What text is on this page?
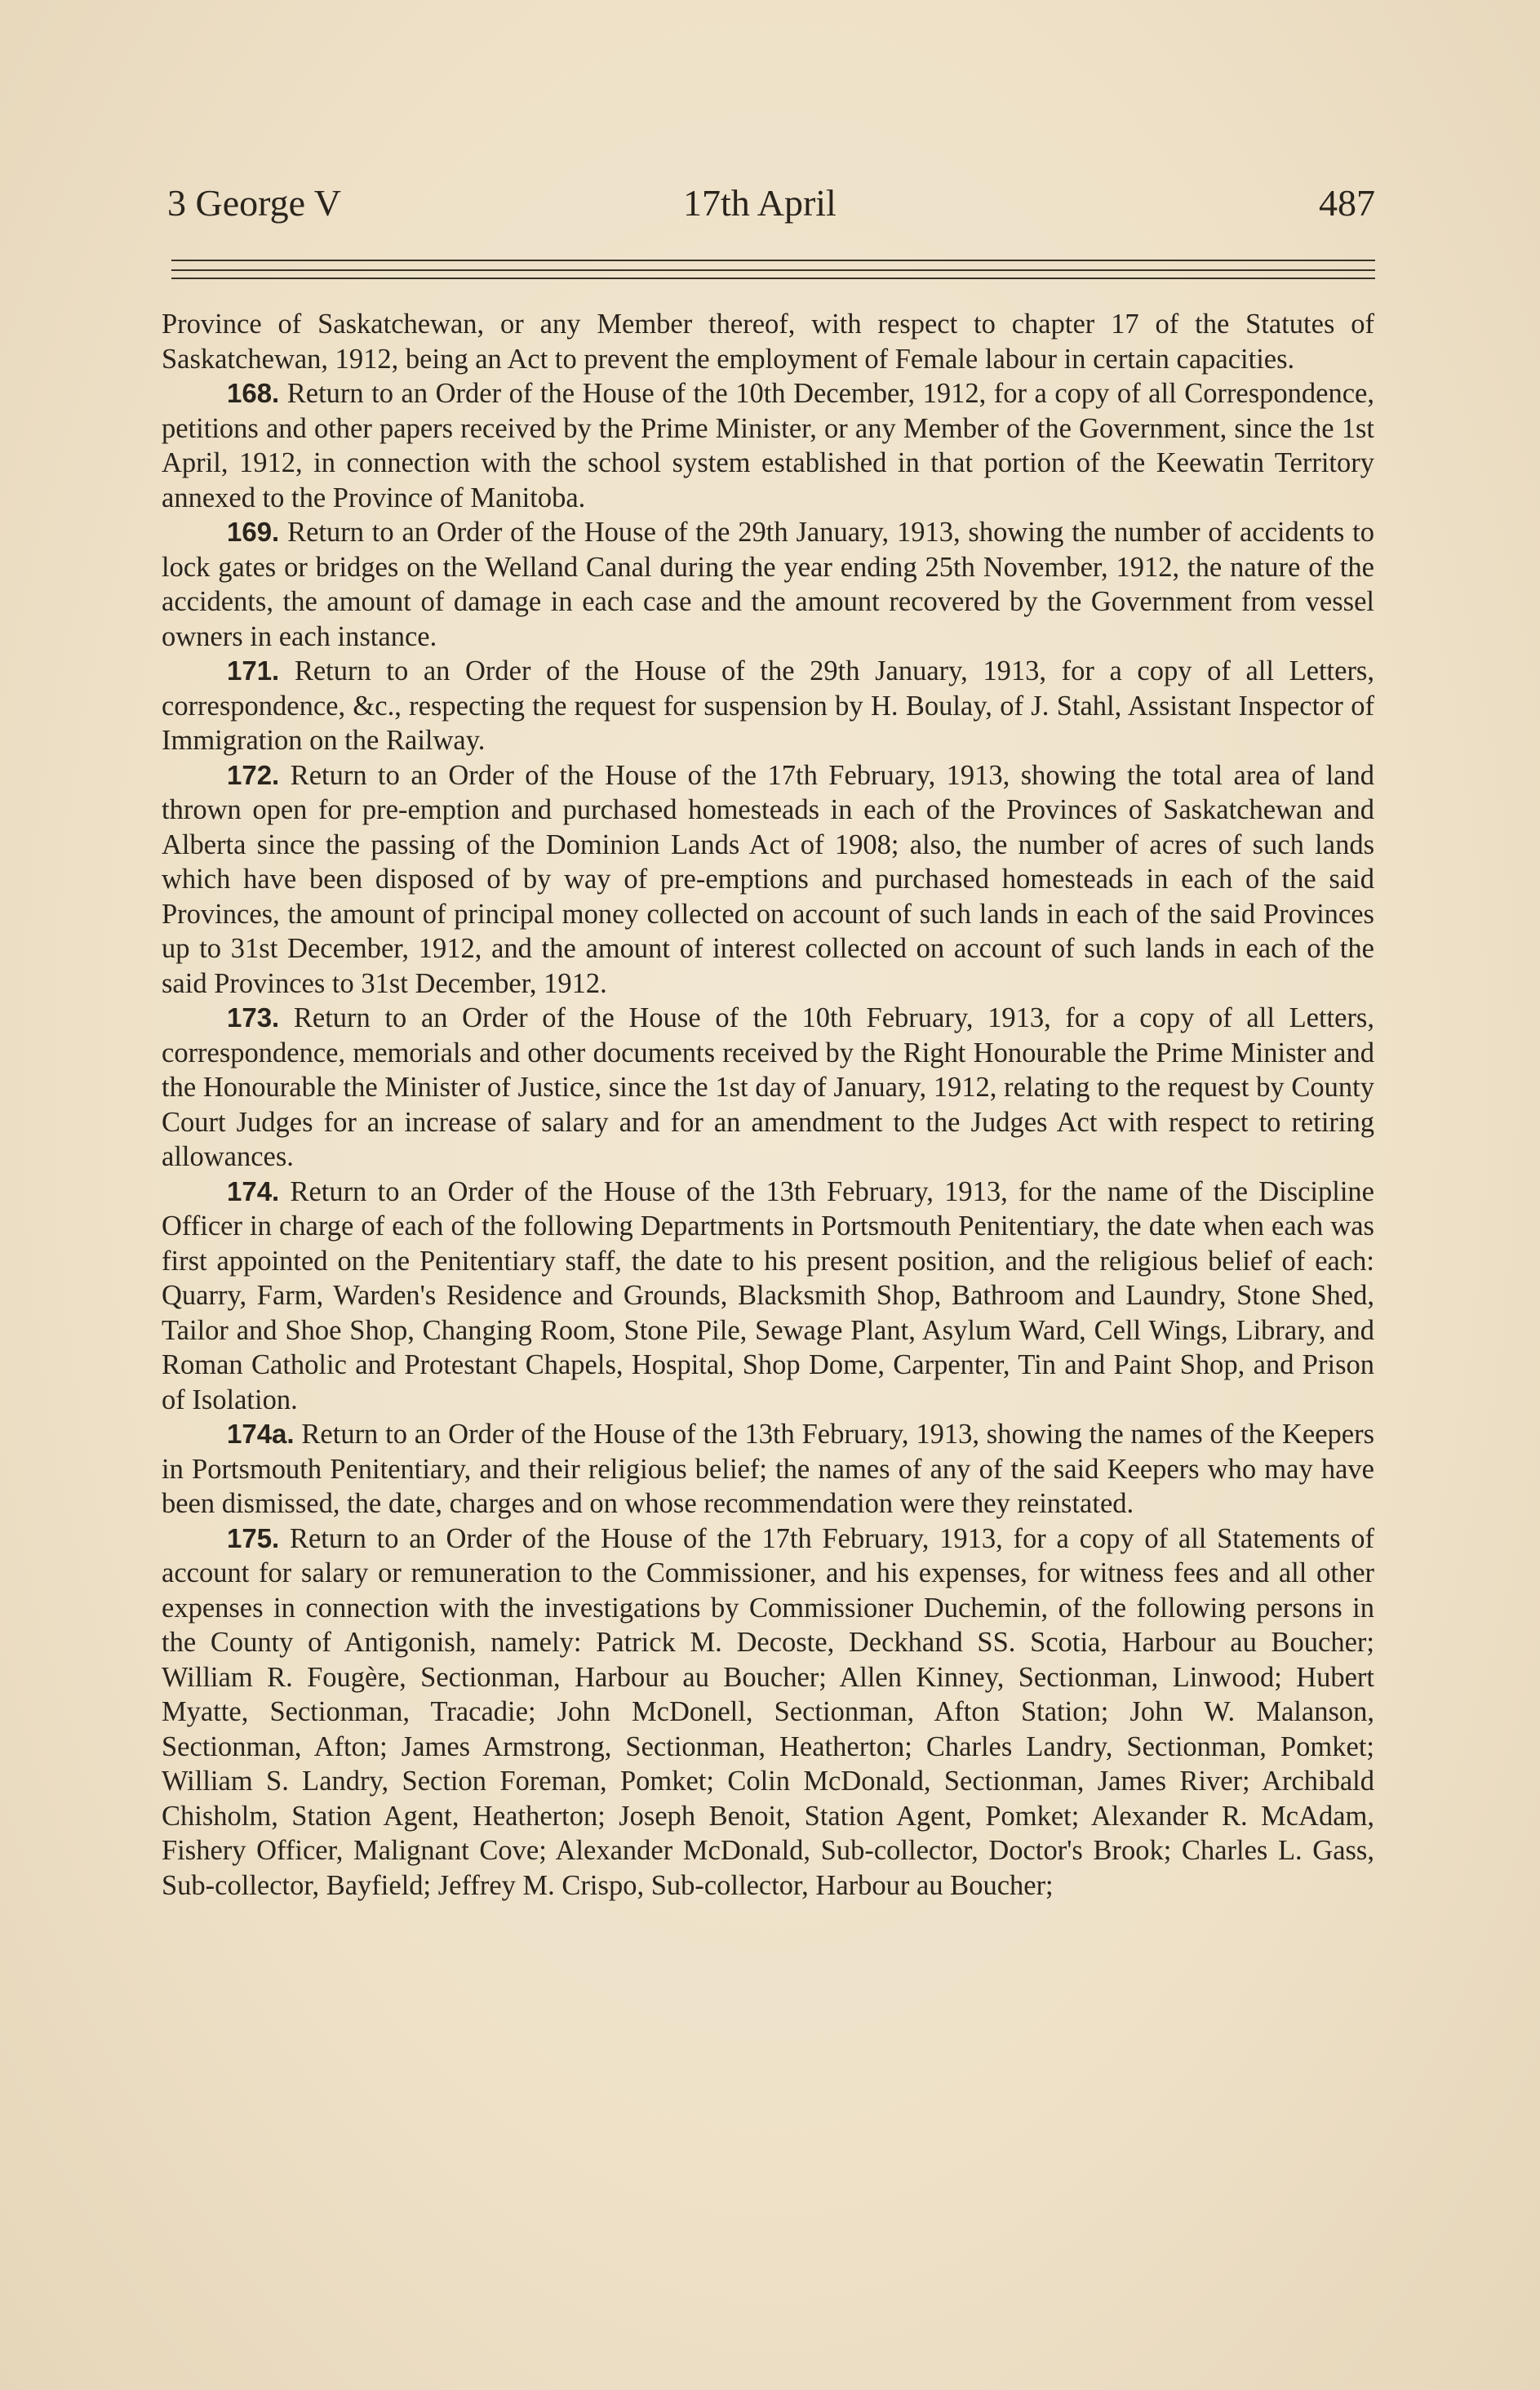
3 George V	17th April	487

Province of Saskatchewan, or any Member thereof, with respect to chapter 17 of the Statutes of Saskatchewan, 1912, being an Act to prevent the employment of Female labour in certain capacities.

168. Return to an Order of the House of the 10th December, 1912, for a copy of all Correspondence, petitions and other papers received by the Prime Minister, or any Member of the Government, since the 1st April, 1912, in connection with the school system established in that portion of the Keewatin Territory annexed to the Province of Manitoba.

169. Return to an Order of the House of the 29th January, 1913, showing the number of accidents to lock gates or bridges on the Welland Canal during the year ending 25th November, 1912, the nature of the accidents, the amount of damage in each case and the amount recovered by the Government from vessel owners in each instance.

171. Return to an Order of the House of the 29th January, 1913, for a copy of all Letters, correspondence, &c., respecting the request for suspension by H. Boulay, of J. Stahl, Assistant Inspector of Immigration on the Railway.

172. Return to an Order of the House of the 17th February, 1913, showing the total area of land thrown open for pre-emption and purchased homesteads in each of the Provinces of Saskatchewan and Alberta since the passing of the Dominion Lands Act of 1908; also, the number of acres of such lands which have been disposed of by way of pre-emptions and purchased homesteads in each of the said Provinces, the amount of principal money collected on account of such lands in each of the said Provinces up to 31st December, 1912, and the amount of interest collected on account of such lands in each of the said Provinces to 31st December, 1912.

173. Return to an Order of the House of the 10th February, 1913, for a copy of all Letters, correspondence, memorials and other documents received by the Right Honourable the Prime Minister and the Honourable the Minister of Justice, since the 1st day of January, 1912, relating to the request by County Court Judges for an increase of salary and for an amendment to the Judges Act with respect to retiring allowances.

174. Return to an Order of the House of the 13th February, 1913, for the name of the Discipline Officer in charge of each of the following Departments in Portsmouth Penitentiary, the date when each was first appointed on the Penitentiary staff, the date to his present position, and the religious belief of each: Quarry, Farm, Warden's Residence and Grounds, Blacksmith Shop, Bathroom and Laundry, Stone Shed, Tailor and Shoe Shop, Changing Room, Stone Pile, Sewage Plant, Asylum Ward, Cell Wings, Library, and Roman Catholic and Protestant Chapels, Hospital, Shop Dome, Carpenter, Tin and Paint Shop, and Prison of Isolation.

174a. Return to an Order of the House of the 13th February, 1913, showing the names of the Keepers in Portsmouth Penitentiary, and their religious belief; the names of any of the said Keepers who may have been dismissed, the date, charges and on whose recommendation were they reinstated.

175. Return to an Order of the House of the 17th February, 1913, for a copy of all Statements of account for salary or remuneration to the Commissioner, and his expenses, for witness fees and all other expenses in connection with the investigations by Commissioner Duchemin, of the following persons in the County of Antigonish, namely: Patrick M. Decoste, Deckhand SS. Scotia, Harbour au Boucher; William R. Fougère, Sectionman, Harbour au Boucher; Allen Kinney, Sectionman, Linwood; Hubert Myatte, Sectionman, Tracadie; John McDonell, Sectionman, Afton Station; John W. Malanson, Sectionman, Afton; James Armstrong, Sectionman, Heatherton; Charles Landry, Sectionman, Pomket; William S. Landry, Section Foreman, Pomket; Colin McDonald, Sectionman, James River; Archibald Chisholm, Station Agent, Heatherton; Joseph Benoit, Station Agent, Pomket; Alexander R. McAdam, Fishery Officer, Malignant Cove; Alexander McDonald, Sub-collector, Doctor's Brook; Charles L. Gass, Sub-collector, Bayfield; Jeffrey M. Crispo, Sub-collector, Harbour au Boucher;
